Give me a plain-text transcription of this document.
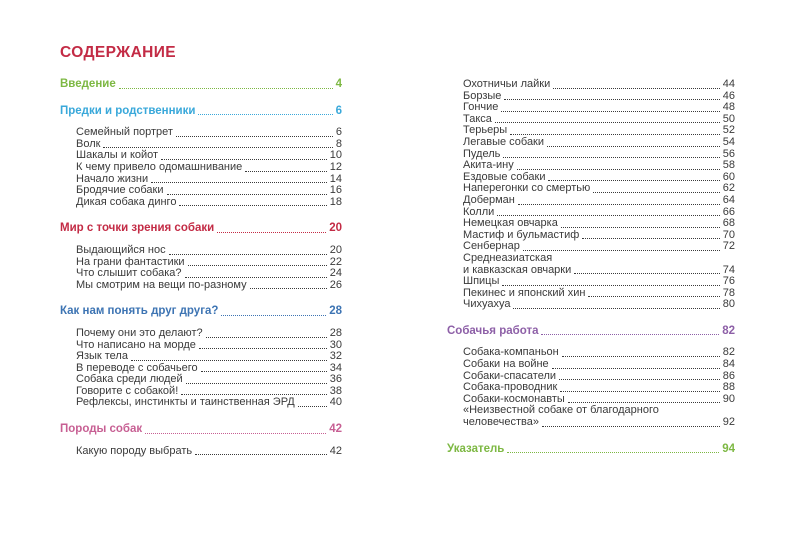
СОДЕРЖАНИЕ
Введение	4
Предки и родственники	6
Семейный портрет	6
Волк	8
Шакалы и койот	10
К чему привело одомашнивание	12
Начало жизни	14
Бродячие собаки	16
Дикая собака динго	18
Мир с точки зрения собаки	20
Выдающийся нос	20
На грани фантастики	22
Что слышит собака?	24
Мы смотрим на вещи по-разному	26
Как нам понять друг друга?	28
Почему они это делают?	28
Что написано на морде	30
Язык тела	32
В переводе с собачьего	34
Собака среди людей	36
Говорите с собакой!	38
Рефлексы, инстинкты и таинственная ЭРД	40
Породы собак	42
Какую породу выбрать	42
Охотничьи лайки	44
Борзые	46
Гончие	48
Такса	50
Терьеры	52
Легавые собаки	54
Пудель	56
Акита-ину	58
Ездовые собаки	60
Наперегонки со смертью	62
Доберман	64
Колли	66
Немецкая овчарка	68
Мастиф и бульмастиф	70
Сенбернар	72
Среднеазиатская
и кавказская овчарки	74
Шпицы	76
Пекинес и японский хин	78
Чихуахуа	80
Собачья работа	82
Собака-компаньон	82
Собаки на войне	84
Собаки-спасатели	86
Собака-проводник	88
Собаки-космонавты	90
«Неизвестной собаке от благодарного
человечества»	92
Указатель	94
